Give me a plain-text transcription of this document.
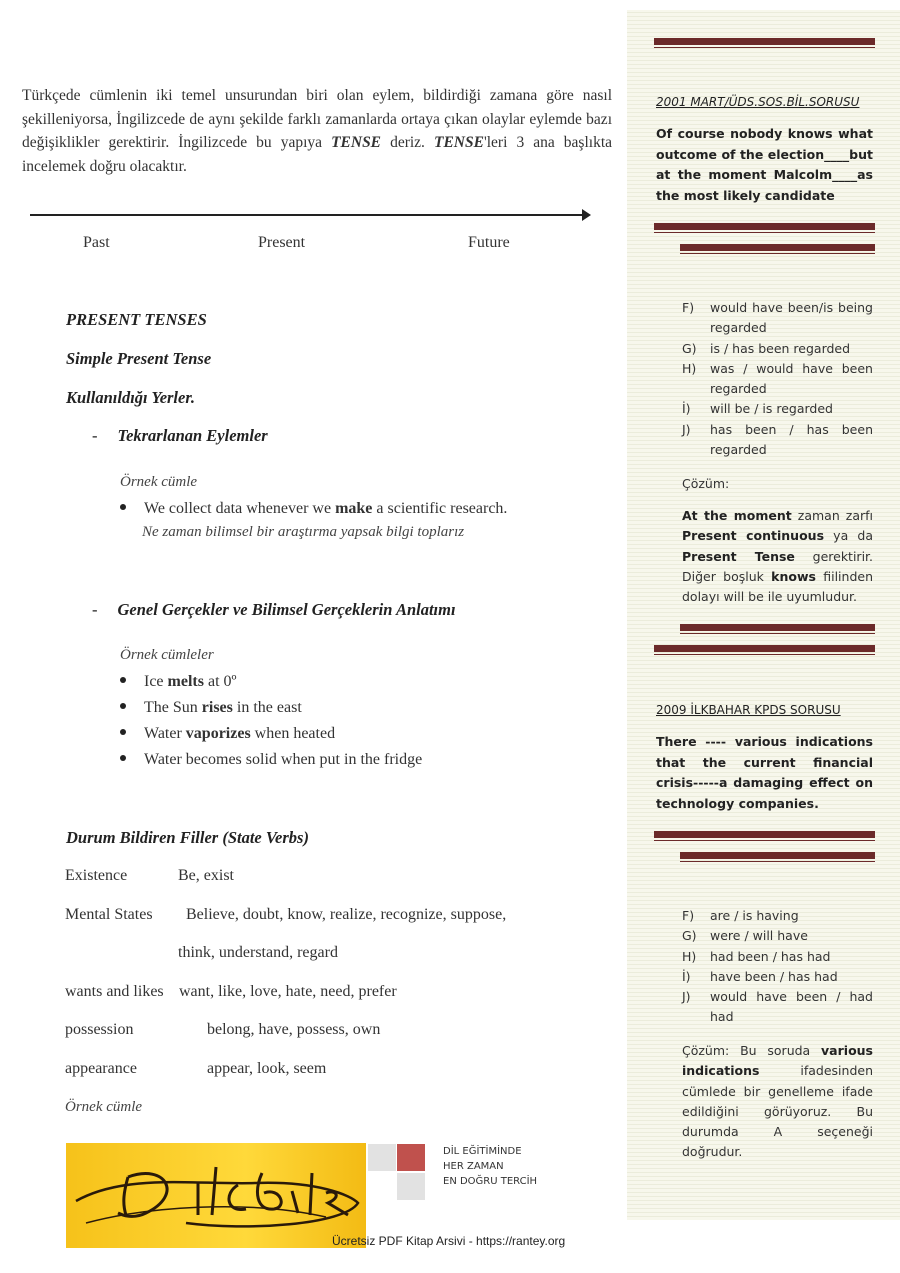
Türkçede cümlenin iki temel unsurundan biri olan eylem, bildirdiği zamana göre nasıl şekilleniyorsa, İngilizcede de aynı şekilde farklı zamanlarda ortaya çıkan olaylar eylemde bazı değişiklikler gerektirir. İngilizcede bu yapıya TENSE deriz. TENSE'leri 3 ana başlıkta incelemek doğru olacaktır.
Past	Present	Future
PRESENT TENSES
Simple Present Tense
Kullanıldığı Yerler.
- Tekrarlanan Eylemler
Örnek cümle
We collect data whenever we make a scientific research.
Ne zaman bilimsel bir araştırma yapsak bilgi toplarız
- Genel Gerçekler ve Bilimsel Gerçeklerin Anlatımı
Örnek cümleler
Ice melts at 0º
The Sun rises in the east
Water vaporizes when heated
Water becomes solid when put in the fridge
Durum Bildiren Filler (State Verbs)
Existence	Be, exist
Mental States Believe, doubt, know, realize, recognize, suppose,
think, understand, regard
wants and likes want, like, love, hate, need, prefer
possession	belong, have, possess, own
appearance	appear, look, seem
Örnek cümle
DİL EĞİTİMİNDE
HER ZAMAN
EN DOĞRU TERCİH
Ücretsiz PDF Kitap Arsivi - https://rantey.org
2001 MART/ÜDS.SOS.BİL.SORUSU
Of course nobody knows what outcome of the election____but at the moment Malcolm____as the most likely candidate
F)	would have been/is being regarded
G)	is / has been regarded
H)	was / would have been regarded
İ)	will be / is regarded
J)	has been / has been regarded
Çözüm:
At the moment zaman zarfı Present continuous ya da Present Tense gerektirir. Diğer boşluk knows fiilinden dolayı will be ile uyumludur.
2009 İLKBAHAR KPDS SORUSU
There ---- various indications that the current financial crisis-----a damaging effect on technology companies.
F)	are / is having
G)	were / will have
H)	had been / has had
İ)	have been / has had
J)	would have been / had had
Çözüm: Bu soruda various indications ifadesinden cümlede bir genelleme ifade edildiğini görüyoruz. Bu durumda A seçeneği doğrudur.
